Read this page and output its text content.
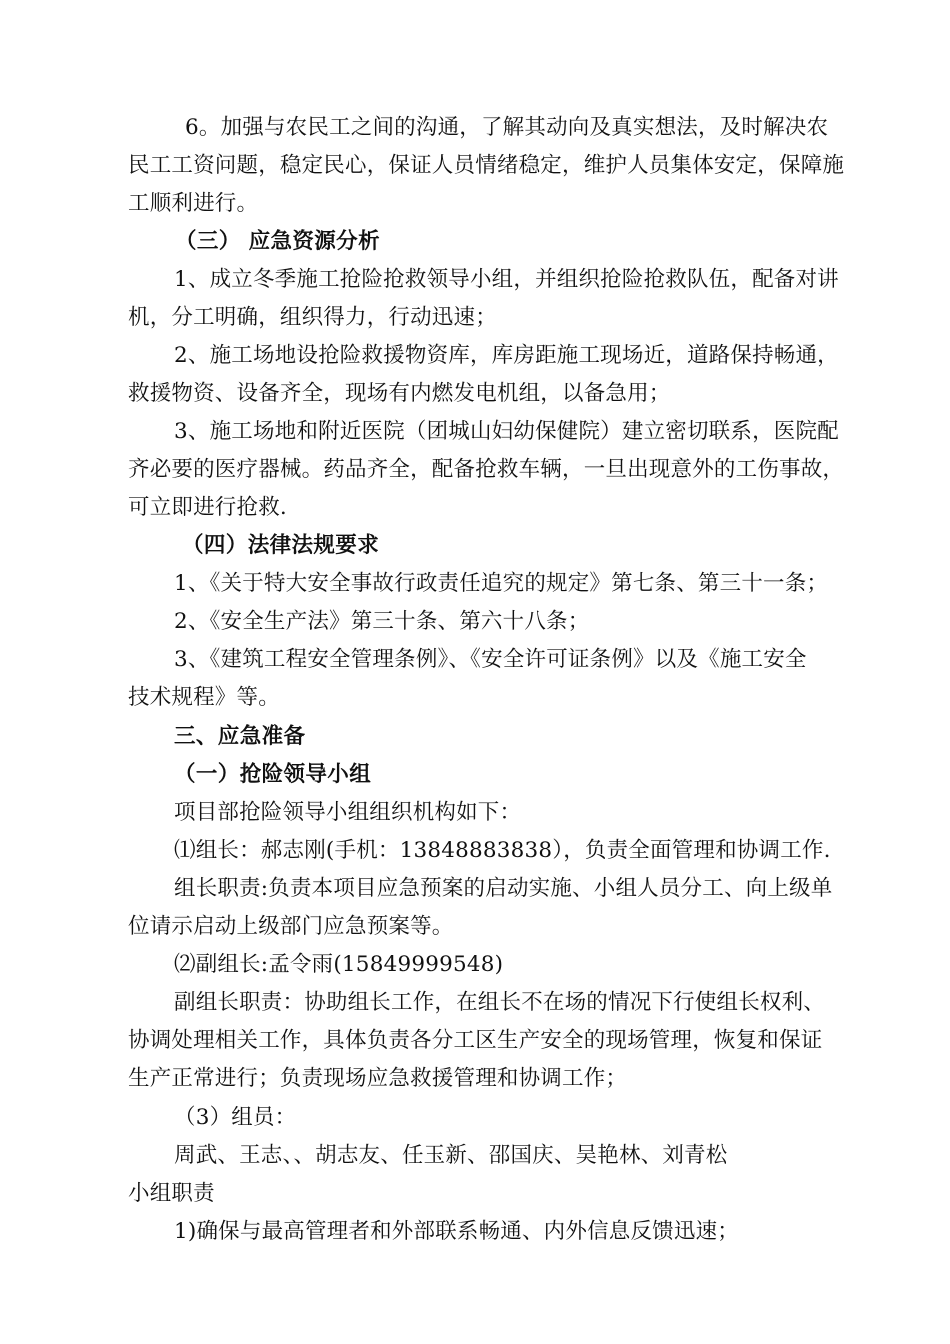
6。加强与农民工之间的沟通，了解其动向及真实想法，及时解决农
民工工资问题，稳定民心，保证人员情绪稳定，维护人员集体安定，保障施
工顺利进行。
（三） 应急资源分析
1、成立冬季施工抢险抢救领导小组，并组织抢险抢救队伍，配备对讲
机，分工明确，组织得力，行动迅速；
2、施工场地设抢险救援物资库，库房距施工现场近，道路保持畅通，
救援物资、设备齐全，现场有内燃发电机组，以备急用；
3、施工场地和附近医院（团城山妇幼保健院）建立密切联系，医院配
齐必要的医疗器械。药品齐全，配备抢救车辆，一旦出现意外的工伤事故，
可立即进行抢救.
（四）法律法规要求
1、《关于特大安全事故行政责任追究的规定》第七条、第三十一条；
2、《安全生产法》第三十条、第六十八条；
3、《建筑工程安全管理条例》、《安全许可证条例》以及《施工安全
技术规程》等。
三、应急准备
（一）抢险领导小组
项目部抢险领导小组组织机构如下：
⑴组长：郝志刚(手机：13848883838），负责全面管理和协调工作.
组长职责:负责本项目应急预案的启动实施、小组人员分工、向上级单
位请示启动上级部门应急预案等。
⑵副组长:孟令雨(15849999548)
副组长职责：协助组长工作，在组长不在场的情况下行使组长权利、
协调处理相关工作，具体负责各分工区生产安全的现场管理，恢复和保证
生产正常进行；负责现场应急救援管理和协调工作；
（3）组员：
周武、王志、、胡志友、任玉新、邵国庆、吴艳林、刘青松
小组职责
1)确保与最高管理者和外部联系畅通、内外信息反馈迅速；
